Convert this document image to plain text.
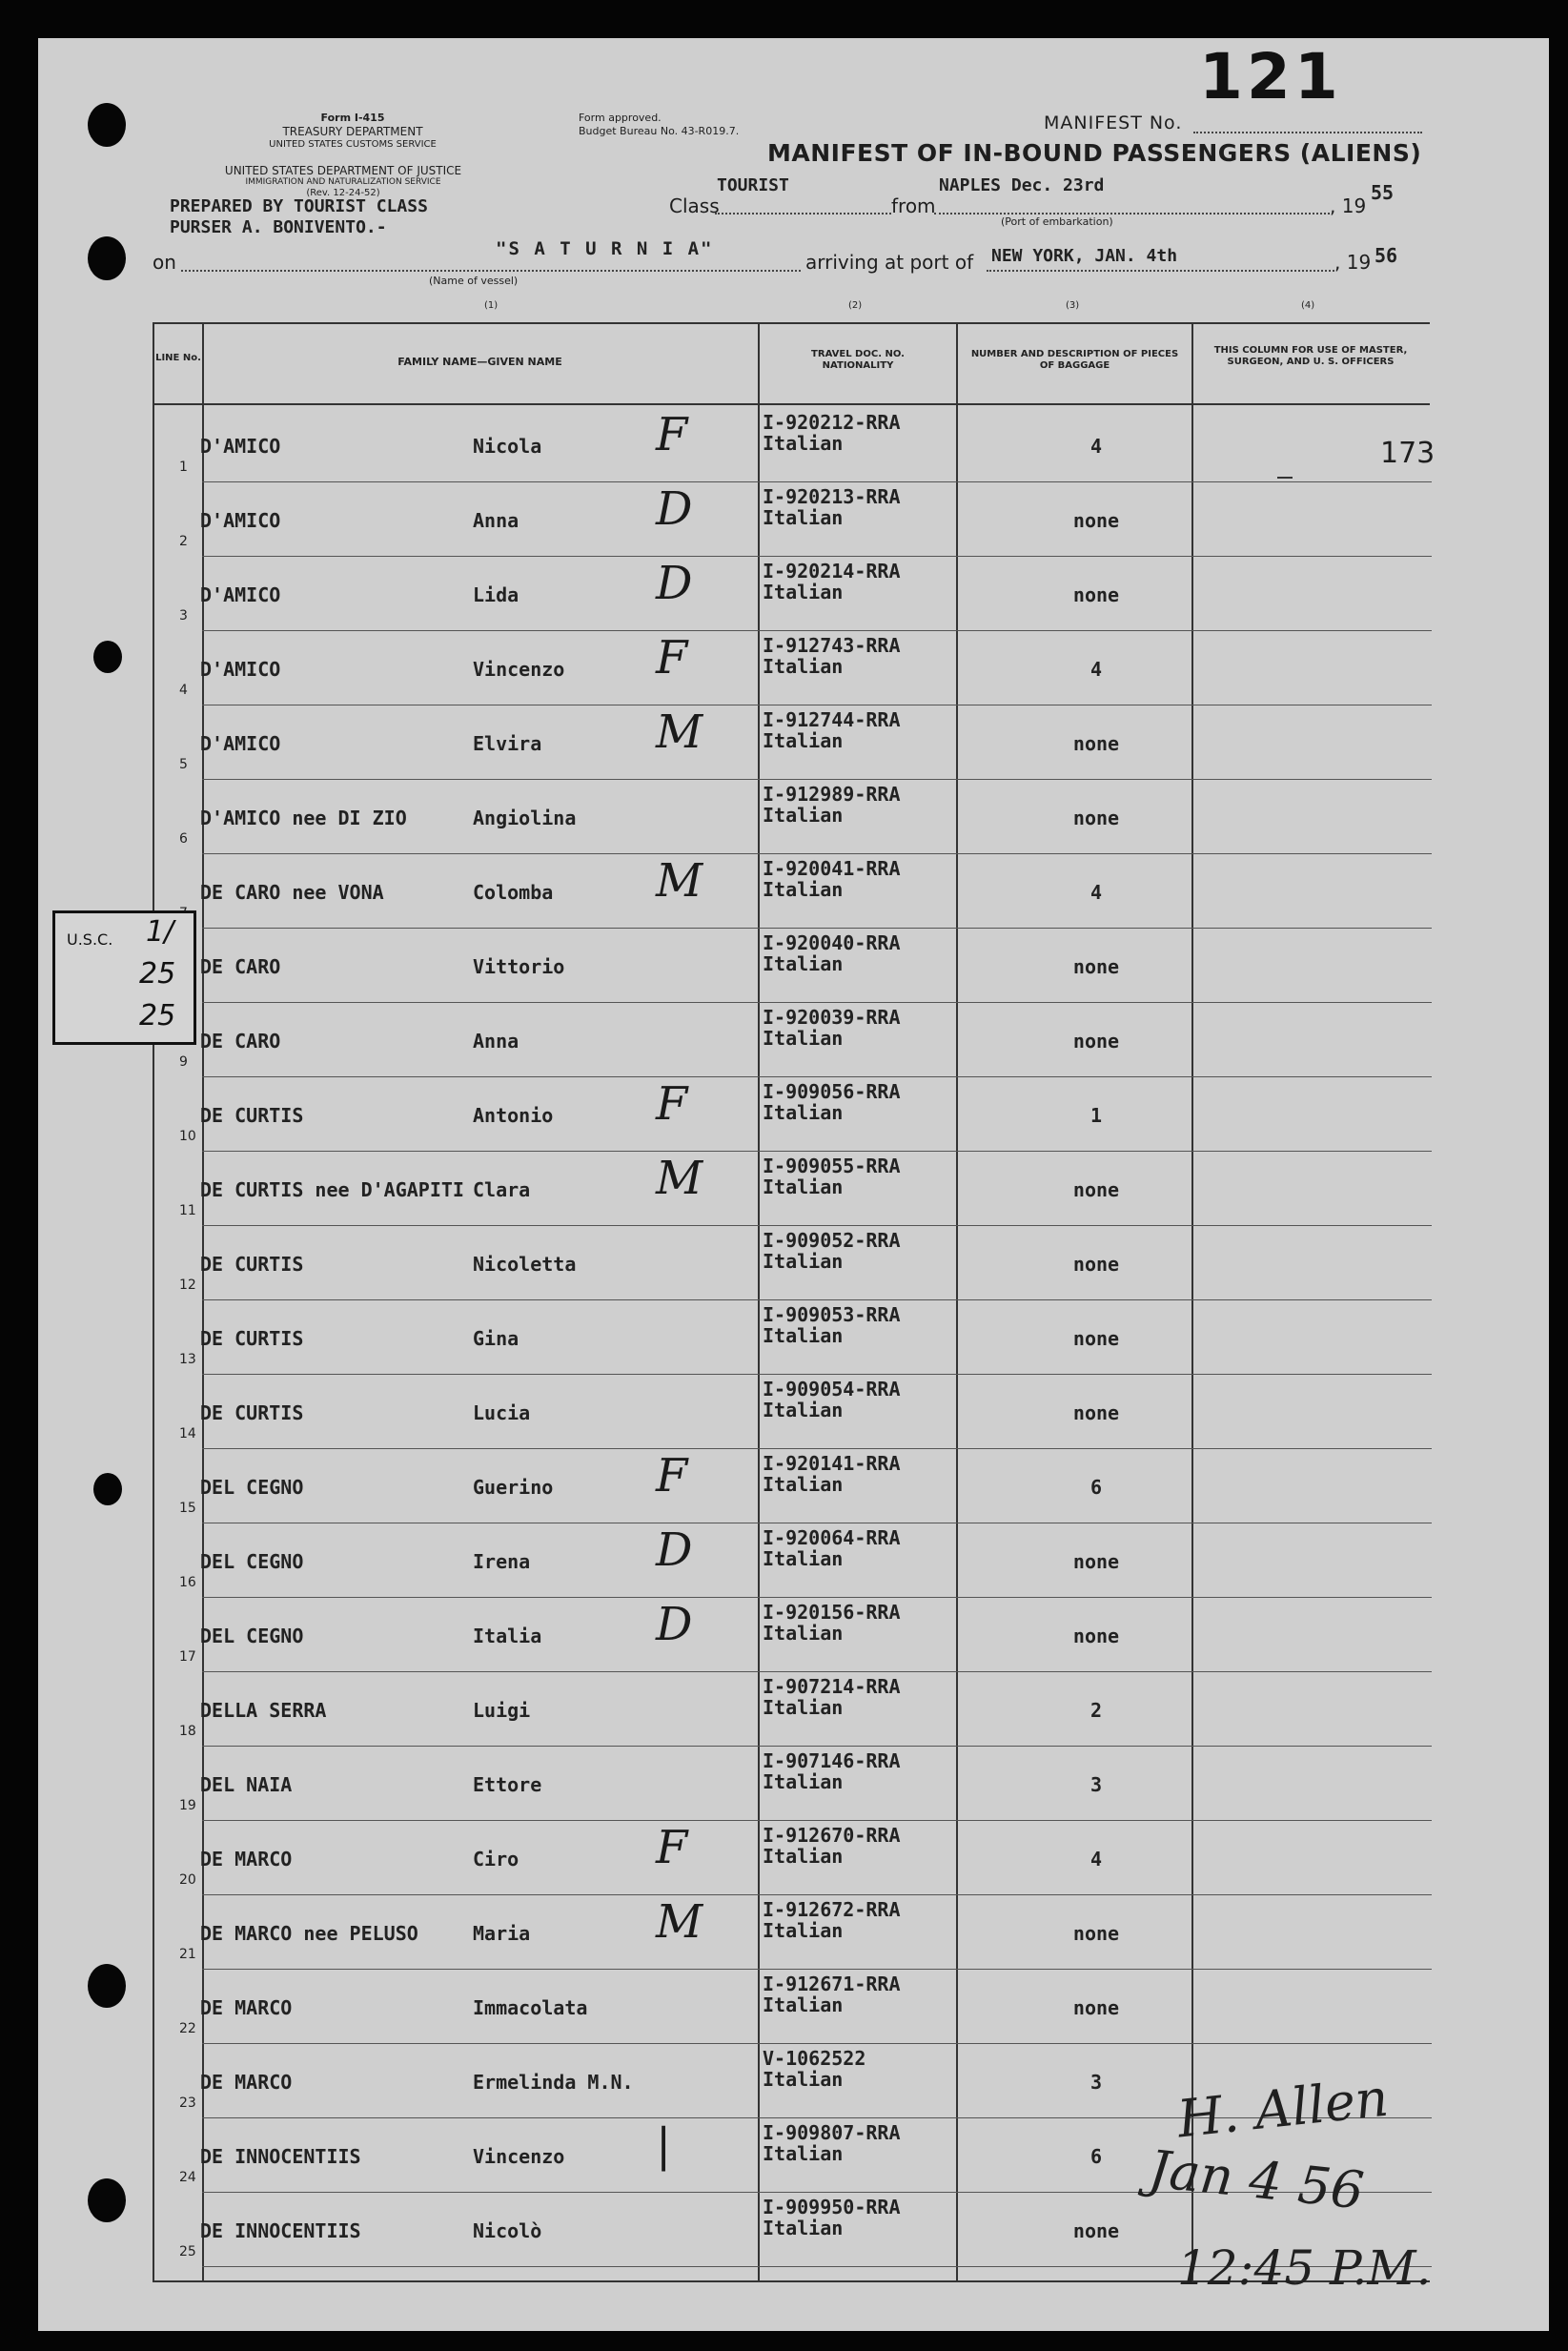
Form I-415
TREASURY DEPARTMENT
UNITED STATES CUSTOMS SERVICE
Form approved.
Budget Bureau No. 43-R019.7.
UNITED STATES DEPARTMENT OF JUSTICE
IMMIGRATION AND NATURALIZATION SERVICE
(Rev. 12-24-52)
PREPARED BY TOURIST CLASS
PURSER A. BONIVENTO.-
MANIFEST No.
121
MANIFEST OF IN-BOUND PASSENGERS (ALIENS)
Class
TOURIST
from
NAPLES Dec. 23rd
, 19
55
(Port of embarkation)
on
"S A T U R N I A"
(Name of vessel)
arriving at port of NEW YORK, JAN. 4th	, 19 56
(1)	(2)	(3)	(4)
LINE No.	FAMILY NAME—GIVEN NAME
TRAVEL DOC. NO. NATIONALITY
NUMBER AND DESCRIPTION OF PIECES OF BAGGAGE
THIS COLUMN FOR USE OF MASTER, SURGEON, AND U. S. OFFICERS
1
D'AMICO	Nicola
I-920212-RRA
Italian	4
F
2
D'AMICO	Anna
I-920213-RRA
Italian	none
D
3
D'AMICO	Lida
I-920214-RRA
Italian	none
D
4
D'AMICO	Vincenzo
I-912743-RRA
Italian	4
F
5
D'AMICO	Elvira
I-912744-RRA
Italian	none
M
6
D'AMICO nee DI ZIO	Angiolina
I-912989-RRA
Italian	none
DE CARO nee VONA	Colomba
I-920041-RRA
Italian	4
M
DE CARO	Vittorio
I-920040-RRA
Italian	none
9
DE CARO	Anna
I-920039-RRA
Italian	none
10
DE CURTIS	Antonio
I-909056-RRA
Italian	1
F
11
DE CURTIS nee D'AGAPITI Clara
I-909055-RRA
Italian	none
M
12
DE CURTIS	Nicoletta
I-909052-RRA
Italian	none
13
DE CURTIS	Gina
I-909053-RRA
Italian	none
14
DE CURTIS	Lucia
I-909054-RRA
Italian	none
15
DEL CEGNO	Guerino
I-920141-RRA
Italian	6
F
16
DEL CEGNO	Irena
I-920064-RRA
Italian	none
D
17
DEL CEGNO	Italia
I-920156-RRA
Italian	none
D
18
DELLA SERRA	Luigi
I-907214-RRA
Italian	2
19
DEL NAIA	Ettore
I-907146-RRA
Italian	3
20
DE MARCO	Ciro
I-912670-RRA
Italian	4
F
21
DE MARCO nee PELUSO	Maria
I-912672-RRA
Italian	none
M
22
DE MARCO	Immacolata
I-912671-RRA
Italian	none
23
DE MARCO	Ermelinda M.N.
V-1062522
Italian	3
24
DE INNOCENTIIS	Vincenzo
I-909807-RRA
Italian	6
|
25
DE INNOCENTIIS	Nicolò
I-909950-RRA
Italian	none
173
U.S.C. 1/
25
25
H. Allen
Jan 4 56
12:45 P.M.
